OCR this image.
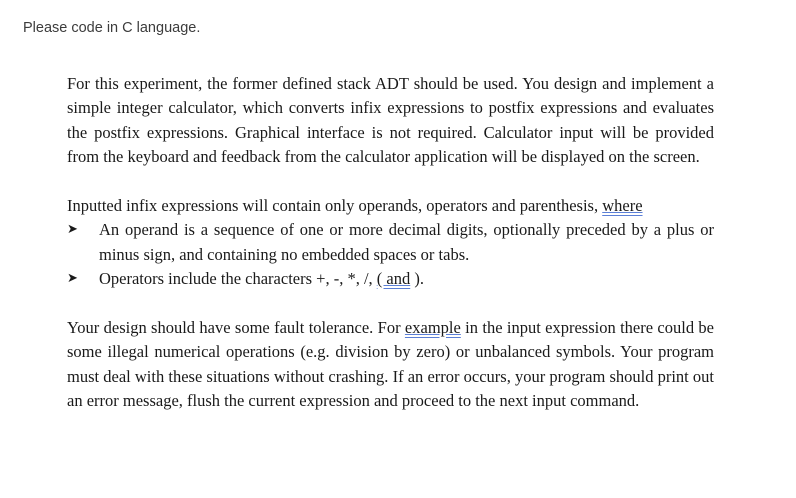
Please code in C language.

For this experiment, the former defined stack ADT should be used. You design and implement a simple integer calculator, which converts infix expressions to postfix expressions and evaluates the postfix expressions. Graphical interface is not required. Calculator input will be provided from the keyboard and feedback from the calculator application will be displayed on the screen.

Inputted infix expressions will contain only operands, operators and parenthesis, where

➤ An operand is a sequence of one or more decimal digits, optionally preceded by a plus or minus sign, and containing no embedded spaces or tabs.
➤ Operators include the characters +, -, *, /, ( and ).

Your design should have some fault tolerance. For example in the input expression there could be some illegal numerical operations (e.g. division by zero) or unbalanced symbols. Your program must deal with these situations without crashing. If an error occurs, your program should print out an error message, flush the current expression and proceed to the next input command.
